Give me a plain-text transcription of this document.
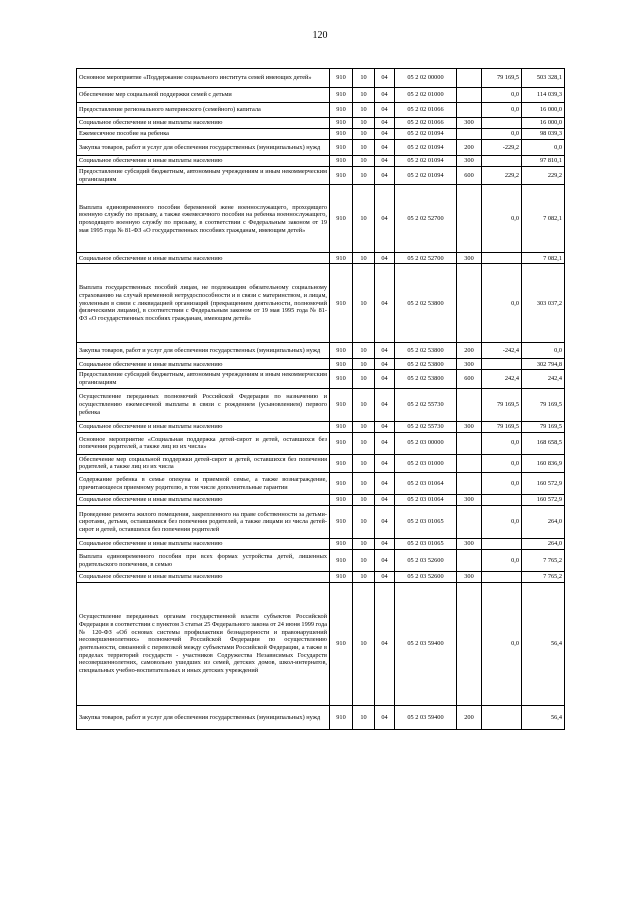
120
Основное мероприятие «Поддержание социального института семей имеющих детей»	910	10	04	05 2 02 00000		79 169,5	503 328,1
Обеспечение мер социальной поддержки семей с детьми	910	10	04	05 2 02 01000		0,0	114 039,3
Предоставление регионального материнского (семейного) капитала	910	10	04	05 2 02 01066		0,0	16 000,0
Социальное обеспечение и иные выплаты населению	910	10	04	05 2 02 01066	300		16 000,0
Ежемесячное пособие на ребенка	910	10	04	05 2 02 01094		0,0	98 039,3
Закупка товаров, работ и услуг для обеспечения государственных (муниципальных) нужд	910	10	04	05 2 02 01094	200	-229,2	0,0
Социальное обеспечение и иные выплаты населению	910	10	04	05 2 02 01094	300		97 810,1
Предоставление субсидий бюджетным, автономным учреждениям и иным некоммерческим организациям	910	10	04	05 2 02 01094	600	229,2	229,2
Выплата единовременного пособия беременной жене военнослужащего, проходящего военную службу по призыву, а также ежемесячного пособия на ребенка военнослужащего, проходящего военную службу по призыву, в соответствии с Федеральным законом от 19 мая 1995 года № 81-ФЗ «О государственных пособиях гражданам, имеющим детей»	910	10	04	05 2 02 52700		0,0	7 082,1
Социальное обеспечение и иные выплаты населению	910	10	04	05 2 02 52700	300		7 082,1
Выплата государственных пособий лицам, не подлежащим обязательному социальному страхованию на случай временной нетрудоспособности и в связи с материнством, и лицам, уволенным в связи с ликвидацией организаций (прекращением деятельности, полномочий физическими лицами), в соответствии с Федеральным законом от 19 мая 1995 года № 81-ФЗ «О государственных пособиях гражданам, имеющим детей»	910	10	04	05 2 02 53800		0,0	303 037,2
Закупка товаров, работ и услуг для обеспечения государственных (муниципальных) нужд	910	10	04	05 2 02 53800	200	-242,4	0,0
Социальное обеспечение и иные выплаты населению	910	10	04	05 2 02 53800	300		302 794,8
Предоставление субсидий бюджетным, автономным учреждениям и иным некоммерческим организациям	910	10	04	05 2 02 53800	600	242,4	242,4
Осуществление переданных полномочий Российской Федерации по назначению и осуществлению ежемесячной выплаты в связи с рождением (усыновлением) первого ребенка	910	10	04	05 2 02 55730		79 169,5	79 169,5
Социальное обеспечение и иные выплаты населению	910	10	04	05 2 02 55730	300	79 169,5	79 169,5
Основное мероприятие «Социальная поддержка детей-сирот и детей, оставшихся без попечения родителей, а также лиц из их числа»	910	10	04	05 2 03 00000		0,0	168 658,5
Обеспечение мер социальной поддержки детей-сирот и детей, оставшихся без попечения родителей, а также лиц из их числа	910	10	04	05 2 03 01000		0,0	160 836,9
Содержание ребенка в семье опекуна и приемной семье, а также вознаграждение, причитающееся приемному родителю, в том числе дополнительные гарантии	910	10	04	05 2 03 01064		0,0	160 572,9
Социальное обеспечение и иные выплаты населению	910	10	04	05 2 03 01064	300		160 572,9
Проведение ремонта жилого помещения, закрепленного на праве собственности за детьми-сиротами, детьми, оставшимися без попечения родителей, а также лицами из числа детей-сирот и детей, оставшихся без попечения родителей	910	10	04	05 2 03 01065		0,0	264,0
Социальное обеспечение и иные выплаты населению	910	10	04	05 2 03 01065	300		264,0
Выплата единовременного пособия при всех формах устройства детей, лишенных родительского попечения, в семью	910	10	04	05 2 03 52600		0,0	7 765,2
Социальное обеспечение и иные выплаты населению	910	10	04	05 2 03 52600	300		7 765,2
Осуществление переданных органам государственной власти субъектов Российской Федерации в соответствии с пунктом 3 статьи 25 Федерального закона от 24 июня 1999 года № 120-ФЗ «Об основах системы профилактики безнадзорности и правонарушений несовершеннолетних» полномочий Российской Федерации по осуществлению деятельности, связанной с перевозкой между субъектами Российской Федерации, а также в пределах территорий государств - участников Содружества Независимых Государств несовершеннолетних, самовольно ушедших из семей, детских домов, школ-интернатов, специальных учебно-воспитательных и иных детских учреждений	910	10	04	05 2 03 59400		0,0	56,4
Закупка товаров, работ и услуг для обеспечения государственных (муниципальных) нужд	910	10	04	05 2 03 59400	200		56,4
